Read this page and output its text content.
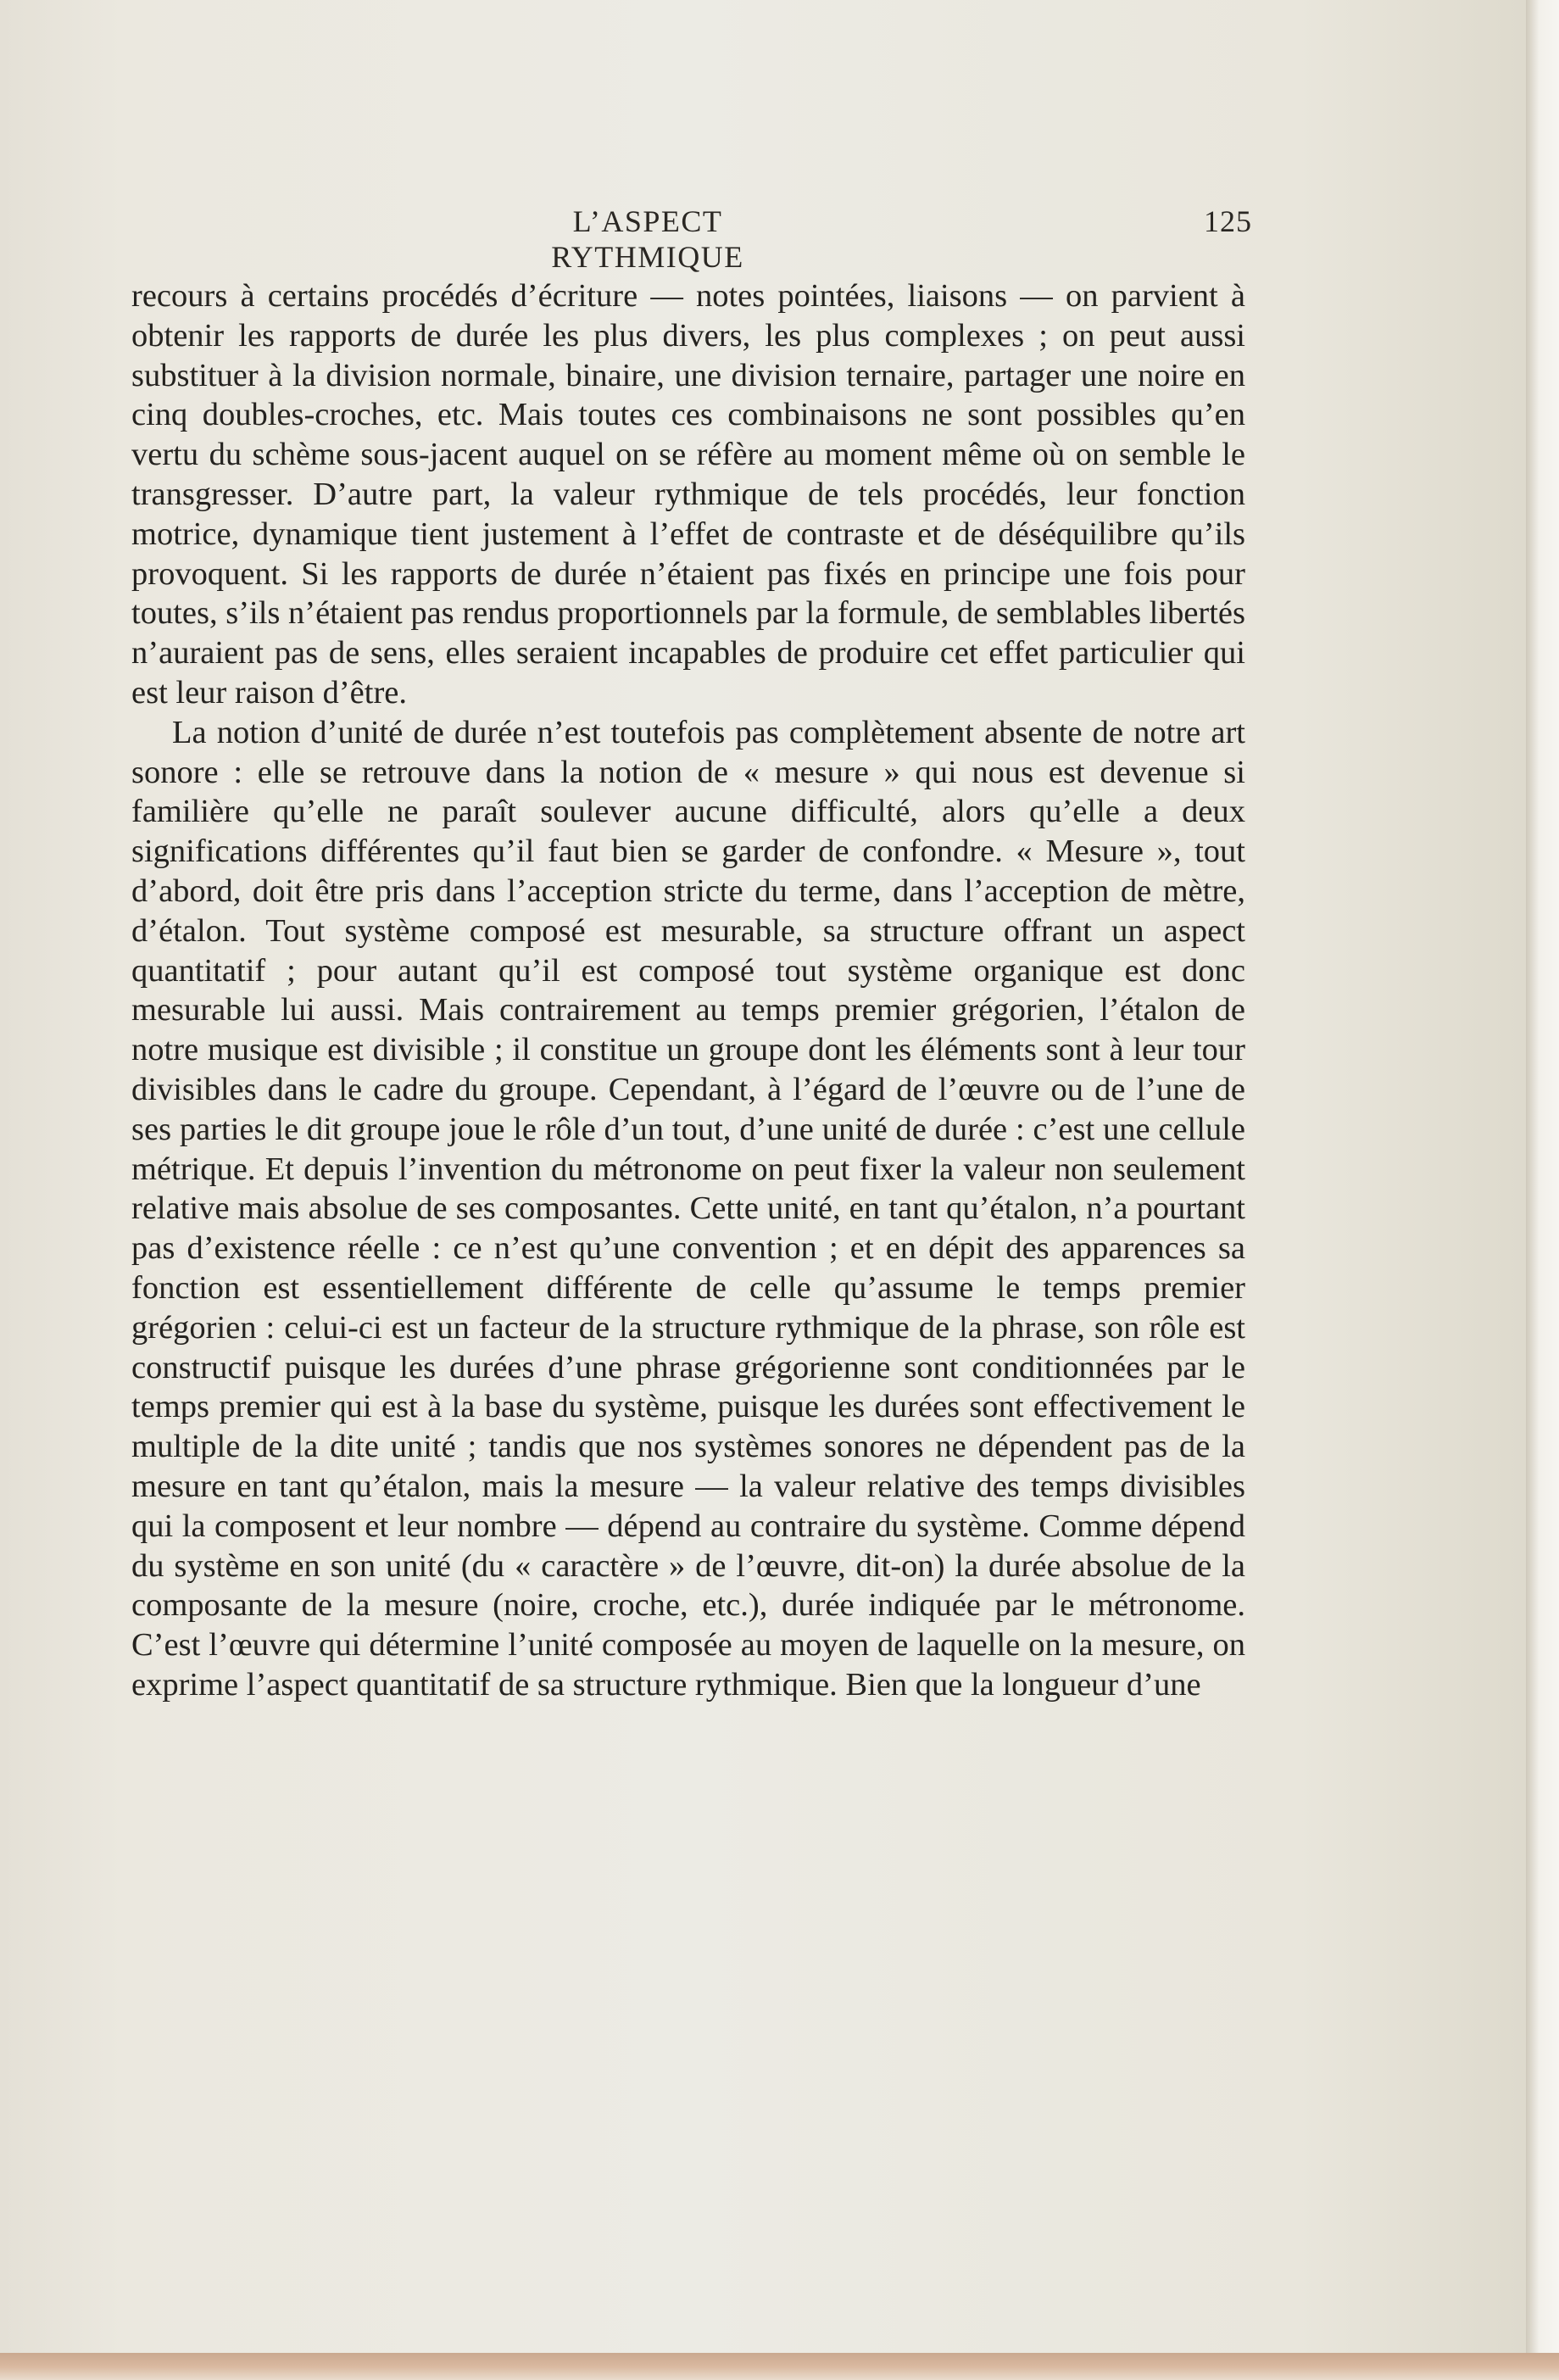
L’ASPECT RYTHMIQUE
125

recours à certains procédés d’écriture — notes pointées, liaisons — on parvient à obtenir les rapports de durée les plus divers, les plus complexes ; on peut aussi substituer à la division normale, binaire, une division ternaire, partager une noire en cinq doubles-croches, etc. Mais toutes ces combinaisons ne sont possibles qu’en vertu du schème sous-jacent auquel on se réfère au moment même où on semble le transgresser. D’autre part, la valeur rythmique de tels procédés, leur fonction motrice, dynamique tient justement à l’effet de contraste et de déséquilibre qu’ils provoquent. Si les rapports de durée n’étaient pas fixés en principe une fois pour toutes, s’ils n’étaient pas rendus proportionnels par la formule, de semblables libertés n’auraient pas de sens, elles seraient incapables de produire cet effet particulier qui est leur raison d’être.

La notion d’unité de durée n’est toutefois pas complètement absente de notre art sonore : elle se retrouve dans la notion de « mesure » qui nous est devenue si familière qu’elle ne paraît soulever aucune difficulté, alors qu’elle a deux significations différentes qu’il faut bien se garder de confondre. « Mesure », tout d’abord, doit être pris dans l’acception stricte du terme, dans l’acception de mètre, d’étalon. Tout système composé est mesurable, sa structure offrant un aspect quantitatif ; pour autant qu’il est composé tout système organique est donc mesurable lui aussi. Mais contrairement au temps premier grégorien, l’étalon de notre musique est divisible ; il constitue un groupe dont les éléments sont à leur tour divisibles dans le cadre du groupe. Cependant, à l’égard de l’œuvre ou de l’une de ses parties le dit groupe joue le rôle d’un tout, d’une unité de durée : c’est une cellule métrique. Et depuis l’invention du métronome on peut fixer la valeur non seulement relative mais absolue de ses composantes. Cette unité, en tant qu’étalon, n’a pourtant pas d’existence réelle : ce n’est qu’une convention ; et en dépit des apparences sa fonction est essentiellement différente de celle qu’assume le temps premier grégorien : celui-ci est un facteur de la structure rythmique de la phrase, son rôle est constructif puisque les durées d’une phrase grégorienne sont conditionnées par le temps premier qui est à la base du système, puisque les durées sont effectivement le multiple de la dite unité ; tandis que nos systèmes sonores ne dépendent pas de la mesure en tant qu’étalon, mais la mesure — la valeur relative des temps divisibles qui la composent et leur nombre — dépend au contraire du système. Comme dépend du système en son unité (du « caractère » de l’œuvre, dit-on) la durée absolue de la composante de la mesure (noire, croche, etc.), durée indiquée par le métronome. C’est l’œuvre qui détermine l’unité composée au moyen de laquelle on la mesure, on exprime l’aspect quantitatif de sa structure rythmique. Bien que la longueur d’une
